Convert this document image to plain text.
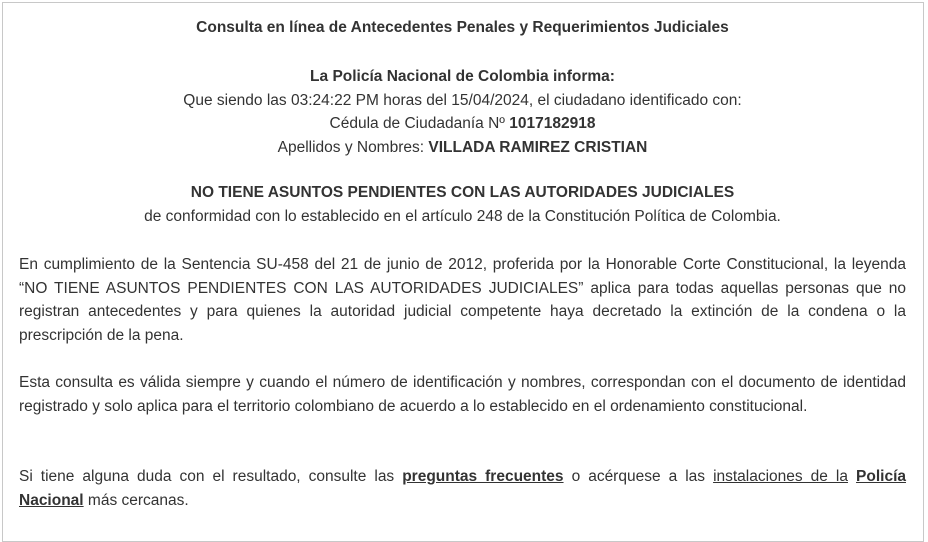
Consulta en línea de Antecedentes Penales y Requerimientos Judiciales

La Policía Nacional de Colombia informa:

Que siendo las 03:24:22 PM horas del 15/04/2024, el ciudadano identificado con:

Cédula de Ciudadanía Nº 1017182918

Apellidos y Nombres: VILLADA RAMIREZ CRISTIAN

NO TIENE ASUNTOS PENDIENTES CON LAS AUTORIDADES JUDICIALES

de conformidad con lo establecido en el artículo 248 de la Constitución Política de Colombia.

En cumplimiento de la Sentencia SU-458 del 21 de junio de 2012, proferida por la Honorable Corte Constitucional, la leyenda “NO TIENE ASUNTOS PENDIENTES CON LAS AUTORIDADES JUDICIALES” aplica para todas aquellas personas que no registran antecedentes y para quienes la autoridad judicial competente haya decretado la extinción de la condena o la prescripción de la pena.

Esta consulta es válida siempre y cuando el número de identificación y nombres, correspondan con el documento de identidad registrado y solo aplica para el territorio colombiano de acuerdo a lo establecido en el ordenamiento constitucional.

Si tiene alguna duda con el resultado, consulte las preguntas frecuentes o acérquese a las instalaciones de la Policía Nacional más cercanas.
